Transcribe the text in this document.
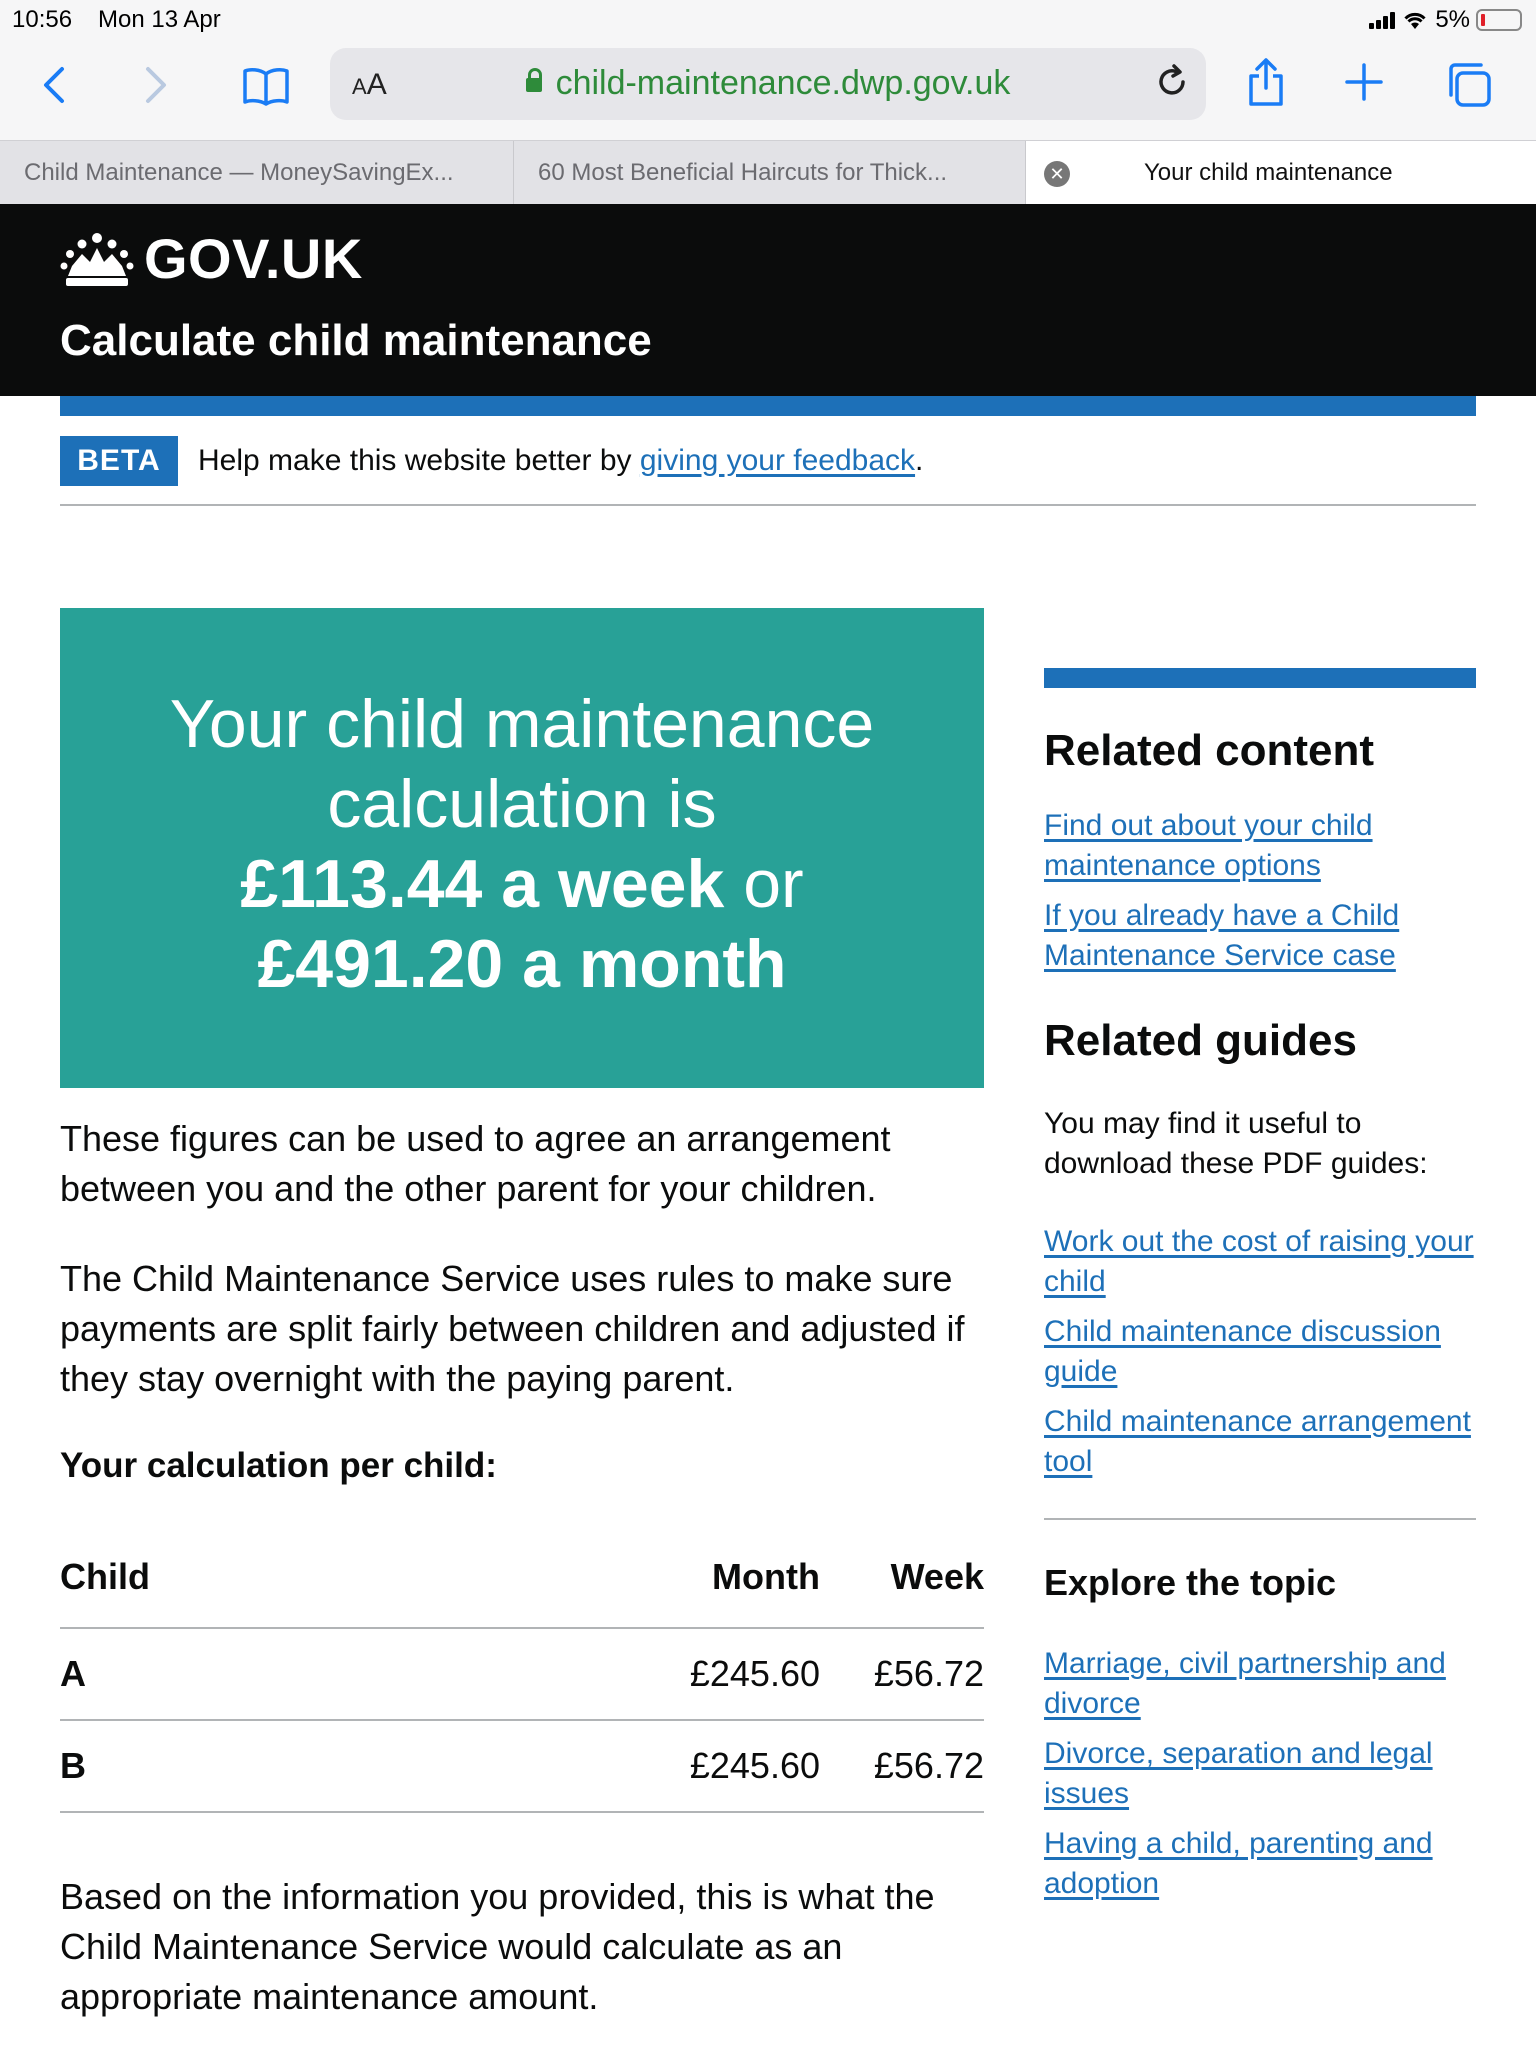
10:56 Mon 13 Apr	5%
AA	child-maintenance.dwp.gov.uk
Child Maintenance — MoneySavingEx...	60 Most Beneficial Haircuts for Thick...	✕	Your child maintenance
GOV.UK
Calculate child maintenance
BETA	Help make this website better by giving your feedback.
Your child maintenance
calculation is
£113.44 a week or
£491.20 a month

These figures can be used to agree an arrangement between you and the other parent for your children.

The Child Maintenance Service uses rules to make sure payments are split fairly between children and adjusted if they stay overnight with the paying parent.

Your calculation per child:
Child	Month	Week
A	£245.60	£56.72
B	£245.60	£56.72

Based on the information you provided, this is what the Child Maintenance Service would calculate as an appropriate maintenance amount.

Related content
Find out about your child maintenance options
If you already have a Child Maintenance Service case
Related guides

You may find it useful to download these PDF guides:

Work out the cost of raising your child
Child maintenance discussion guide
Child maintenance arrangement tool
Explore the topic
Marriage, civil partnership and divorce
Divorce, separation and legal issues
Having a child, parenting and adoption
